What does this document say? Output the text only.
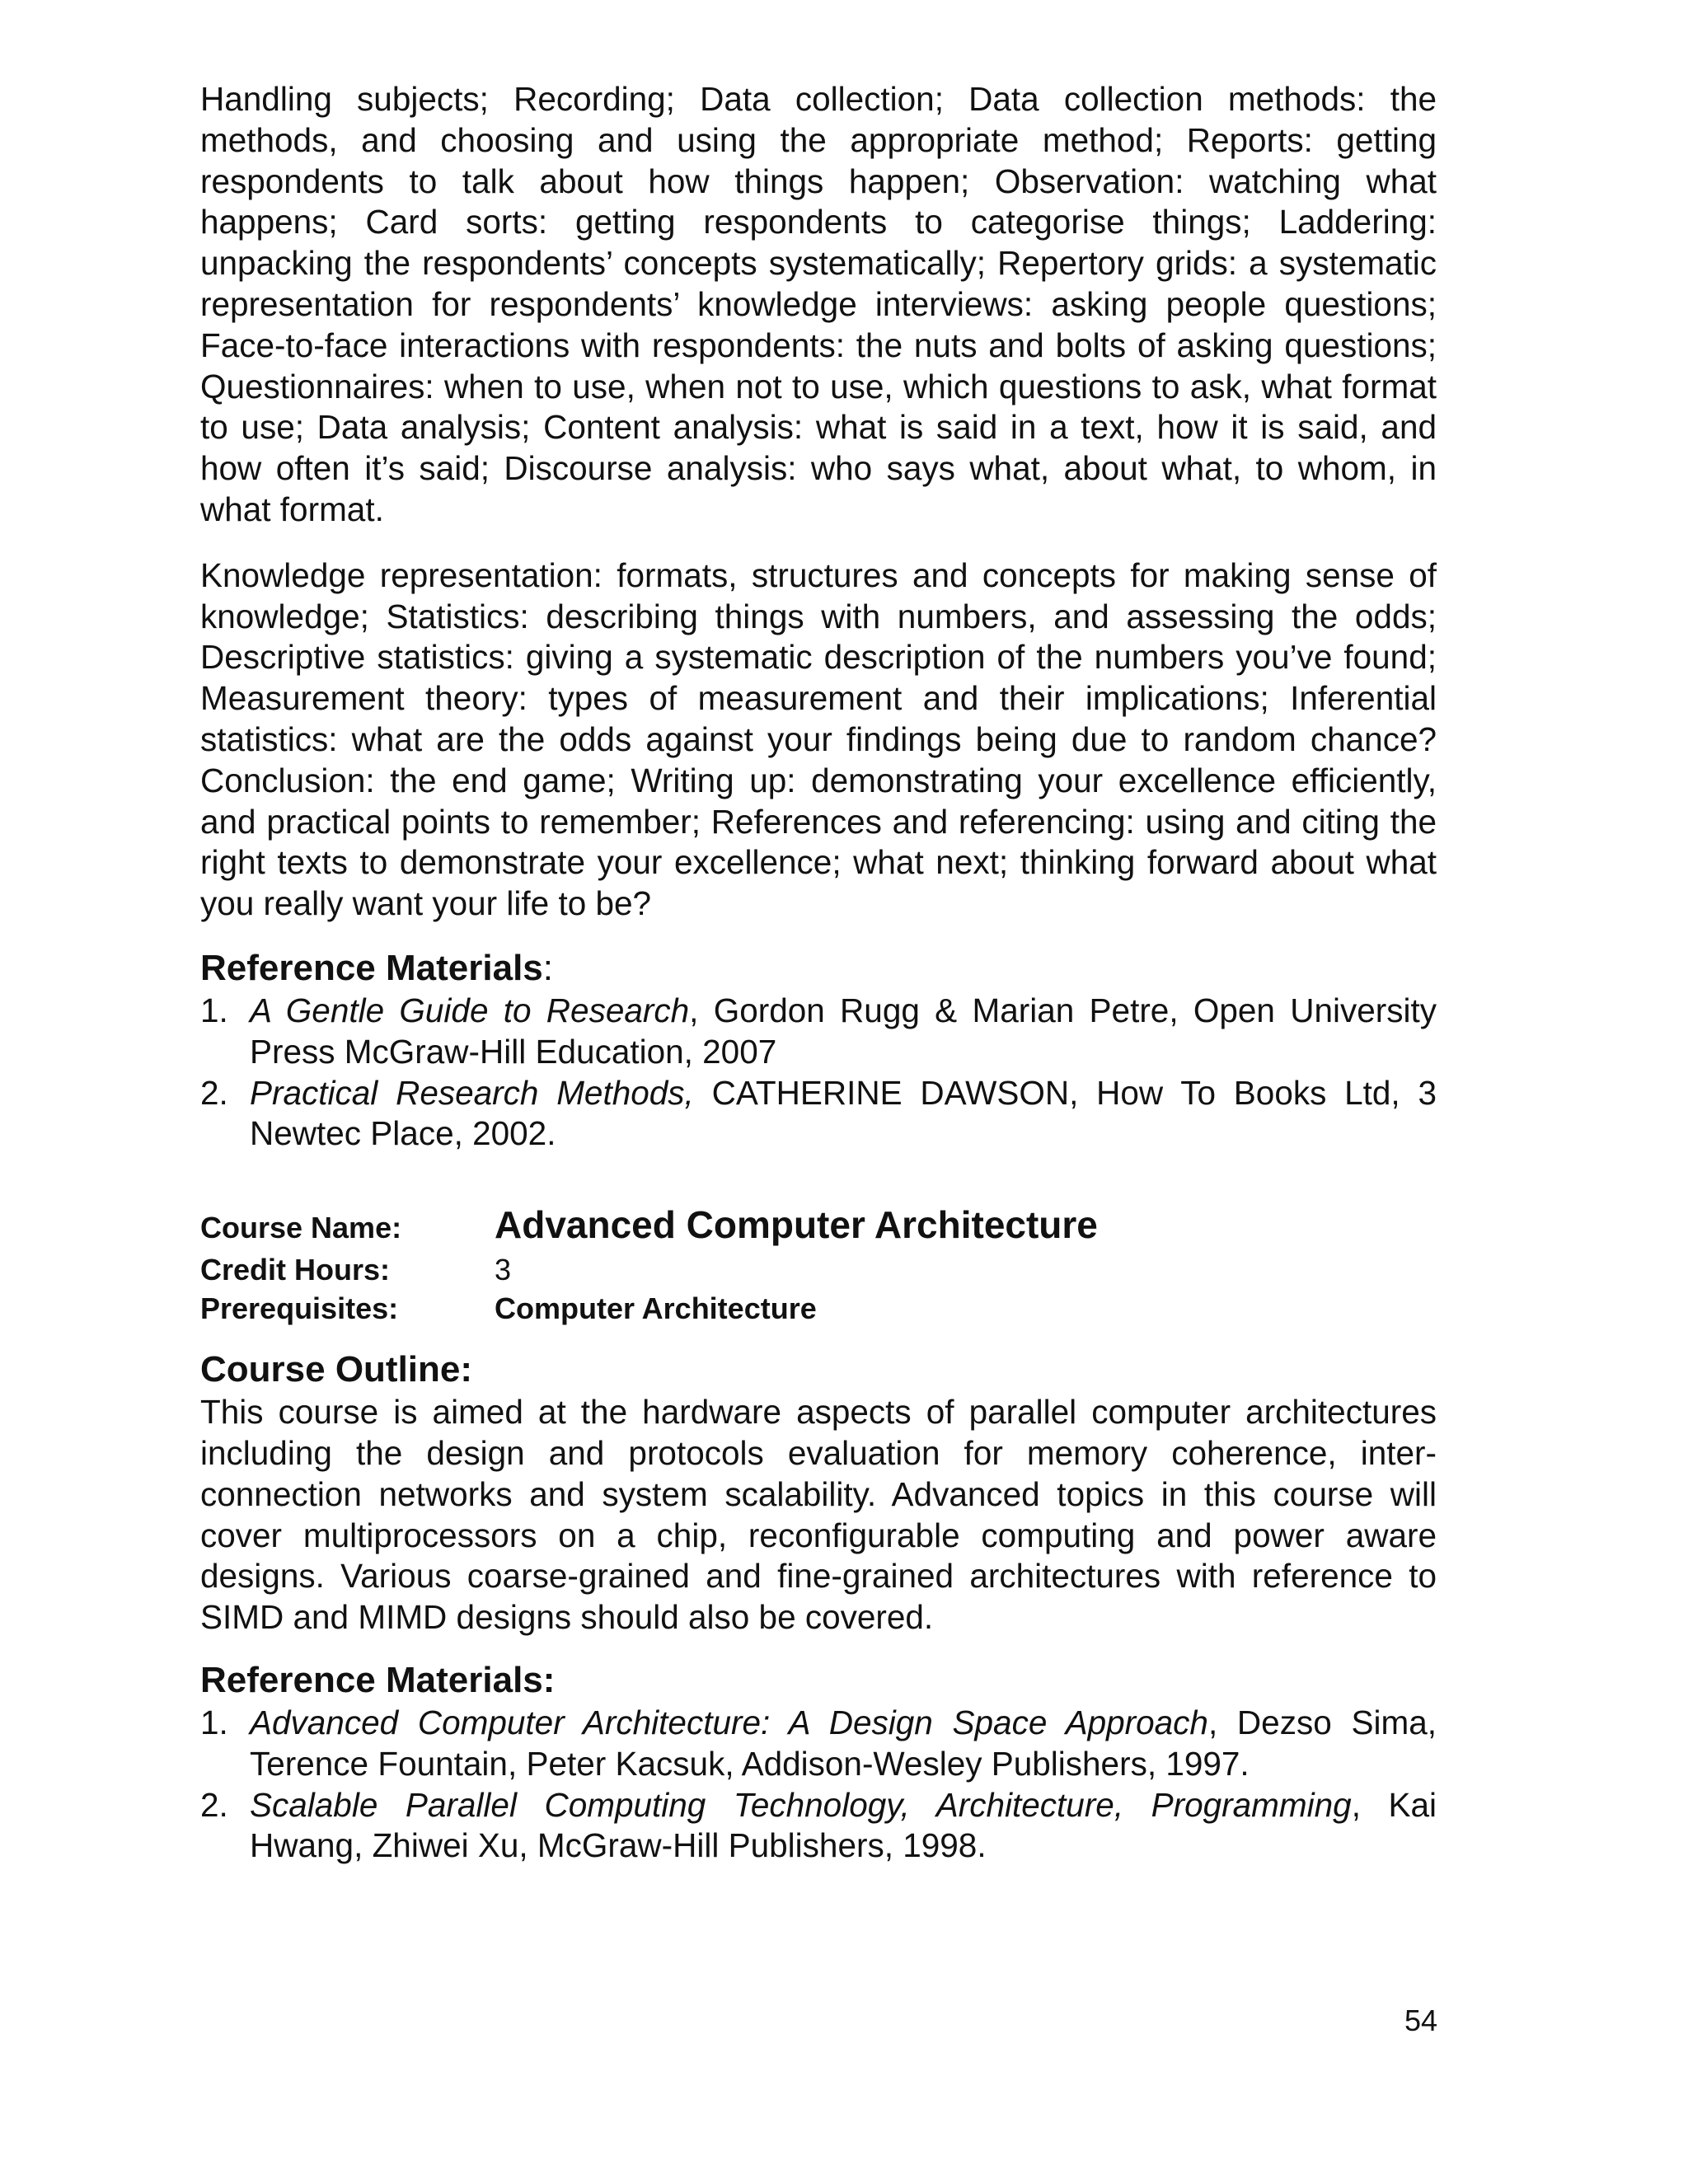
Handling subjects; Recording; Data collection; Data collection methods: the methods, and choosing and using the appropriate method; Reports: getting respondents to talk about how things happen; Observation: watching what happens; Card sorts: getting respondents to categorise things; Laddering: unpacking the respondents’ concepts systematically; Repertory grids: a systematic representation for respondents’ knowledge interviews: asking people questions; Face-to-face interactions with respondents: the nuts and bolts of asking questions; Questionnaires: when to use, when not to use, which questions to ask, what format to use; Data analysis; Content analysis: what is said in a text, how it is said, and how often it’s said; Discourse analysis: who says what, about what, to whom, in what format.

Knowledge representation: formats, structures and concepts for making sense of knowledge; Statistics: describing things with numbers, and assessing the odds; Descriptive statistics: giving a systematic description of the numbers you’ve found; Measurement theory: types of measurement and their implications; Inferential statistics: what are the odds against your findings being due to random chance? Conclusion: the end game; Writing up: demonstrating your excellence efficiently, and practical points to remember; References and referencing: using and citing the right texts to demonstrate your excellence; what next; thinking forward about what you really want your life to be?

Reference Materials:
1. A Gentle Guide to Research, Gordon Rugg & Marian Petre, Open University Press McGraw-Hill Education, 2007
2. Practical Research Methods, CATHERINE DAWSON, How To Books Ltd, 3 Newtec Place, 2002.
Course Name:	Advanced Computer Architecture
Credit Hours:	3
Prerequisites:	Computer Architecture
Course Outline:

This course is aimed at the hardware aspects of parallel computer architectures including the design and protocols evaluation for memory coherence, inter-connection networks and system scalability. Advanced topics in this course will cover multiprocessors on a chip, reconfigurable computing and power aware designs. Various coarse-grained and fine-grained architectures with reference to SIMD and MIMD designs should also be covered.

Reference Materials:
1. Advanced Computer Architecture: A Design Space Approach, Dezso Sima, Terence Fountain, Peter Kacsuk, Addison-Wesley Publishers, 1997.
2. Scalable Parallel Computing Technology, Architecture, Programming, Kai Hwang, Zhiwei Xu, McGraw-Hill Publishers, 1998.
54
